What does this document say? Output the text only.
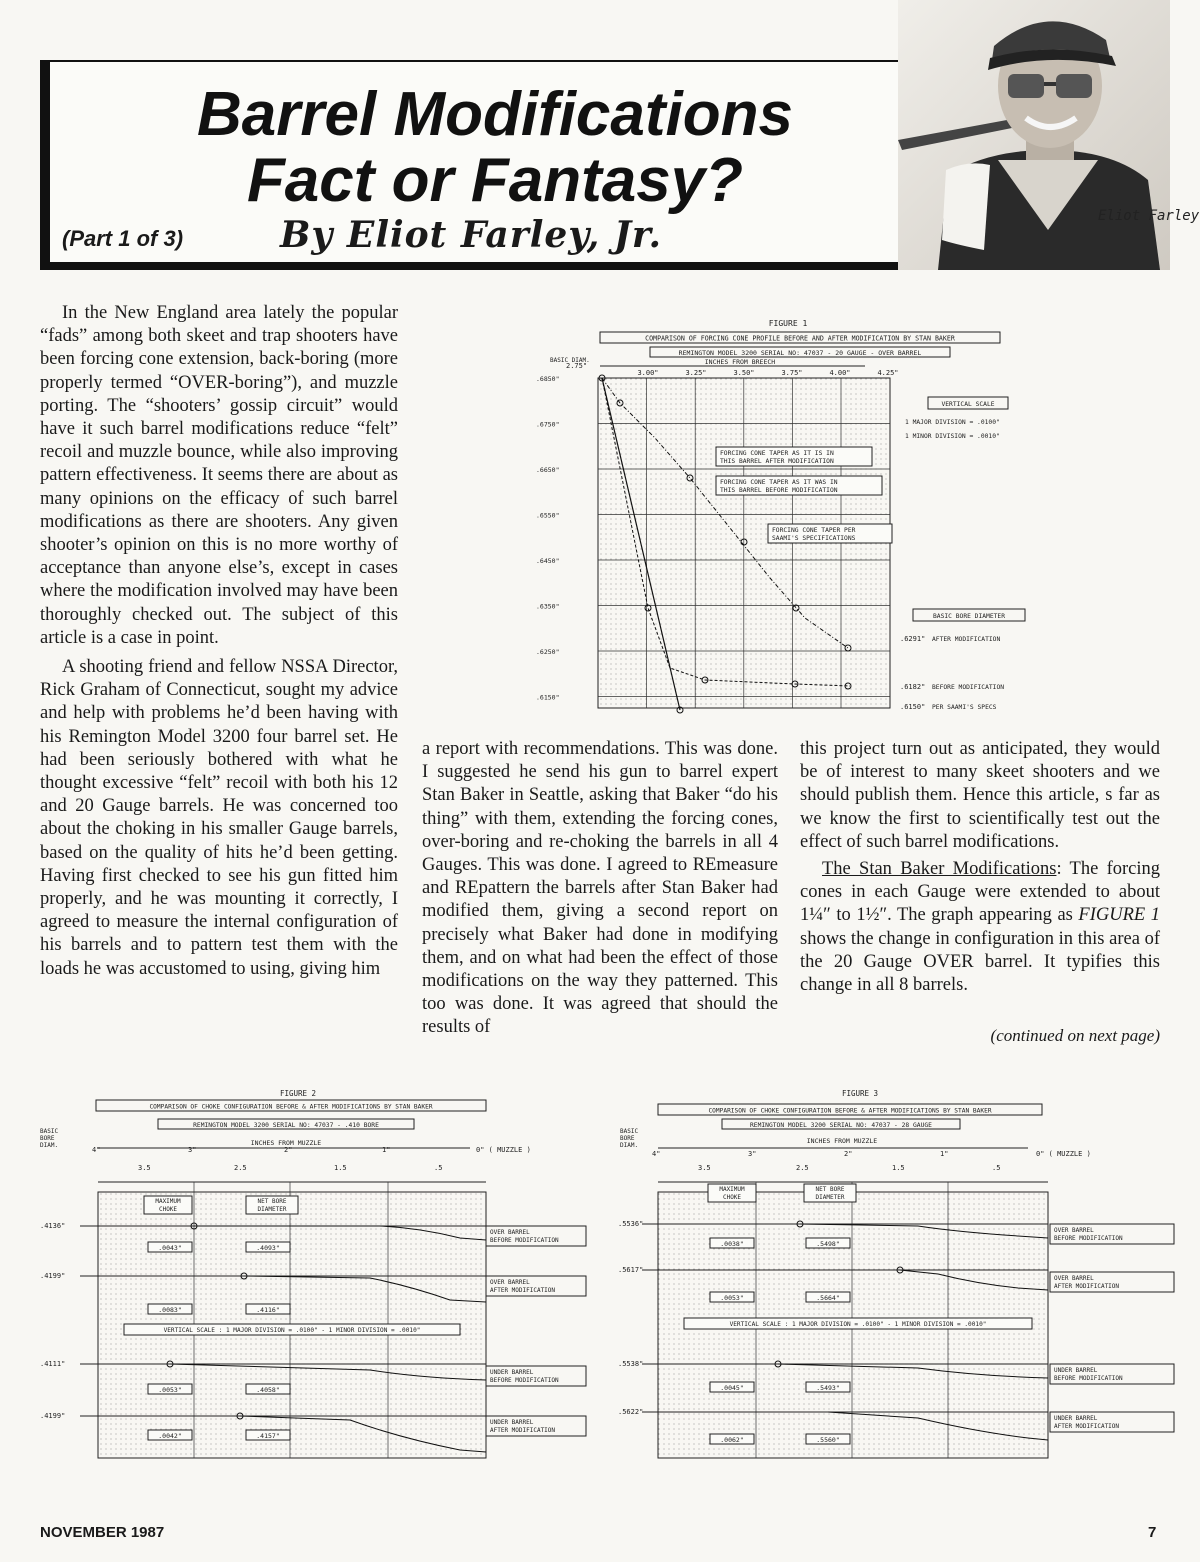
Barrel Modifications
Fact or Fantasy?
(Part 1 of 3)	By Eliot Farley, Jr.	Eliot Farley

In the New England area lately the popular “fads” among both skeet and trap shooters have been forcing cone extension, back-boring (more properly termed “OVER-boring”), and muzzle porting. The “shooters’ gossip circuit” would have it such barrel modifications reduce “felt” recoil and muzzle bounce, while also improving pattern effectiveness. It seems there are about as many opinions on the efficacy of such barrel modifications as there are shooters. Any given shooter’s opinion on this is no more worthy of acceptance than anyone else’s, except in cases where the modification involved may have been thoroughly checked out. The subject of this article is a case in point.

A shooting friend and fellow NSSA Director, Rick Graham of Connecticut, sought my advice and help with problems he’d been having with his Remington Model 3200 four barrel set. He had been seriously bothered with what he thought excessive “felt” recoil with both his 12 and 20 Gauge barrels. He was concerned too about the choking in his smaller Gauge barrels, based on the quality of hits he’d been getting. Having first checked to see his gun fitted him properly, and he was mounting it correctly, I agreed to measure the internal configuration of his barrels and to pattern test them with the loads he was accustomed to using, giving him

a report with recommendations. This was done. I suggested he send his gun to barrel expert Stan Baker in Seattle, asking that Baker “do his thing” with them, extending the forcing cones, over-boring and re-choking the barrels in all 4 Gauges. This was done. I agreed to REmeasure and REpattern the barrels after Stan Baker had modified them, giving a second report on precisely what Baker had done in modifying them, and on what had been the effect of those modifications on the way they patterned. This too was done. It was agreed that should the results of

this project turn out as anticipated, they would be of interest to many skeet shooters and we should publish them. Hence this article, s far as we know the first to scientifically test out the effect of such barrel modifications.

The Stan Baker Modifications: The forcing cones in each Gauge were extended to about 1¼″ to 1½″. The graph appearing as FIGURE 1 shows the change in configuration in this area of the 20 Gauge OVER barrel. It typifies this change in all 8 barrels.

(continued on next page)
FIGURE 1
COMPARISON OF FORCING CONE PROFILE BEFORE AND AFTER MODIFICATION BY STAN BAKER
REMINGTON MODEL 3200 SERIAL NO: 47037 - 20 GAUGE - OVER BARREL
BASIC DIAM.
2.75"	INCHES FROM BREECH
3.00"	3.25"	3.50"	3.75"	4.00"	4.25"
.6850"
.6750"
.6650"
.6550"
.6450"
.6350"
.6250"
.6150"
FORCING CONE TAPER AS IT IS IN
THIS BARREL AFTER MODIFICATION
FORCING CONE TAPER AS IT WAS IN
THIS BARREL BEFORE MODIFICATION
FORCING CONE TAPER PER
SAAMI'S SPECIFICATIONS
VERTICAL SCALE
1 MAJOR DIVISION = .0100"
1 MINOR DIVISION = .0010"
BASIC BORE DIAMETER
.6291" AFTER MODIFICATION
.6182" BEFORE MODIFICATION
.6150" PER SAAMI'S SPECS
FIGURE 2
COMPARISON OF CHOKE CONFIGURATION BEFORE & AFTER MODIFICATIONS BY STAN BAKER
REMINGTON MODEL 3200 SERIAL NO: 47037 - .410 BORE
BASIC
BORE
DIAM.	INCHES FROM MUZZLE
4"	3"	2"	1"	0" ( MUZZLE )
3.5	2.5	1.5	.5
MAXIMUM
CHOKE
NET BORE
DIAMETER
.4136"
.0043"	.4093"
OVER BARREL
BEFORE MODIFICATION
.4199"
.0083"	.4116"
OVER BARREL
AFTER MODIFICATION
VERTICAL SCALE : 1 MAJOR DIVISION = .0100" - 1 MINOR DIVISION = .0010"
.4111"
.0053"	.4058"
UNDER BARREL
BEFORE MODIFICATION
.4199"
.0042"	.4157"
UNDER BARREL
AFTER MODIFICATION
FIGURE 3
COMPARISON OF CHOKE CONFIGURATION BEFORE & AFTER MODIFICATIONS BY STAN BAKER
REMINGTON MODEL 3200 SERIAL NO: 47037 - 28 GAUGE
BASIC
BORE
DIAM.
INCHES FROM MUZZLE
4"	3"	2"	1"	0" ( MUZZLE )
3.5	2.5	1.5	.5
MAXIMUM
CHOKE
NET BORE
DIAMETER
.5536"
.0038"	.5498"
OVER BARREL
BEFORE MODIFICATION
.5617"
.0053"	.5664"
OVER BARREL
AFTER MODIFICATION
VERTICAL SCALE : 1 MAJOR DIVISION = .0100" - 1 MINOR DIVISION = .0010"
.5538"
.0045"	.5493"
UNDER BARREL
BEFORE MODIFICATION
.5622"
.0062"	.5560"
UNDER BARREL
AFTER MODIFICATION
NOVEMBER 1987	7
